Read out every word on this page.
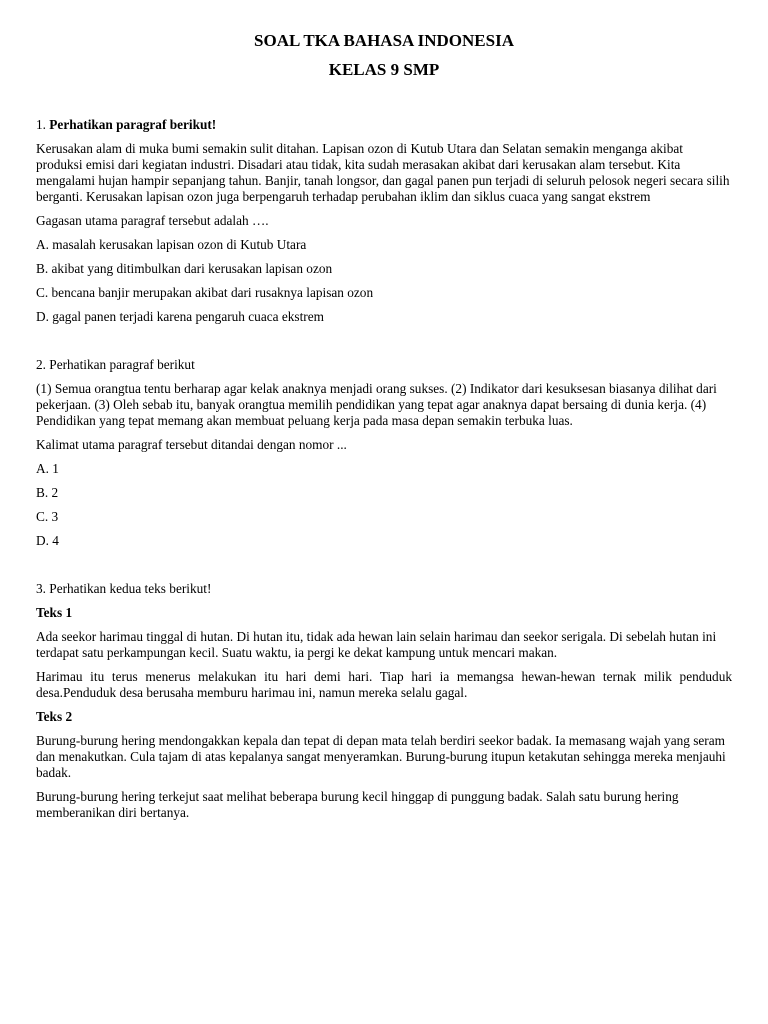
SOAL TKA BAHASA INDONESIA
KELAS 9 SMP

1. Perhatikan paragraf berikut!

Kerusakan alam di muka bumi semakin sulit ditahan. Lapisan ozon di Kutub Utara dan Selatan semakin menganga akibat produksi emisi dari kegiatan industri. Disadari atau tidak, kita sudah merasakan akibat dari kerusakan alam tersebut. Kita mengalami hujan hampir sepanjang tahun. Banjir, tanah longsor, dan gagal panen pun terjadi di seluruh pelosok negeri secara silih berganti. Kerusakan lapisan ozon juga berpengaruh terhadap perubahan iklim dan siklus cuaca yang sangat ekstrem

Gagasan utama paragraf tersebut adalah ….

A. masalah kerusakan lapisan ozon di Kutub Utara

B. akibat yang ditimbulkan dari kerusakan lapisan ozon

C. bencana banjir merupakan akibat dari rusaknya lapisan ozon

D. gagal panen terjadi karena pengaruh cuaca ekstrem

2. Perhatikan paragraf berikut

(1) Semua orangtua tentu berharap agar kelak anaknya menjadi orang sukses. (2) Indikator dari kesuksesan biasanya dilihat dari pekerjaan. (3) Oleh sebab itu, banyak orangtua memilih pendidikan yang tepat agar anaknya dapat bersaing di dunia kerja. (4) Pendidikan yang tepat memang akan membuat peluang kerja pada masa depan semakin terbuka luas.

Kalimat utama paragraf tersebut ditandai dengan nomor ...

A. 1

B. 2

C. 3

D. 4

3. Perhatikan kedua teks berikut!

Teks 1

Ada seekor harimau tinggal di hutan. Di hutan itu, tidak ada hewan lain selain harimau dan seekor serigala. Di sebelah hutan ini terdapat satu perkampungan kecil. Suatu waktu, ia pergi ke dekat kampung untuk mencari makan.

Harimau itu terus menerus melakukan itu hari demi hari. Tiap hari ia memangsa hewan-hewan ternak milik penduduk desa.Penduduk desa berusaha memburu harimau ini, namun mereka selalu gagal.

Teks 2

Burung-burung hering mendongakkan kepala dan tepat di depan mata telah berdiri seekor badak. Ia memasang wajah yang seram dan menakutkan. Cula tajam di atas kepalanya sangat menyeramkan. Burung-burung itupun ketakutan sehingga mereka menjauhi badak.

Burung-burung hering terkejut saat melihat beberapa burung kecil hinggap di punggung badak. Salah satu burung hering memberanikan diri bertanya.
